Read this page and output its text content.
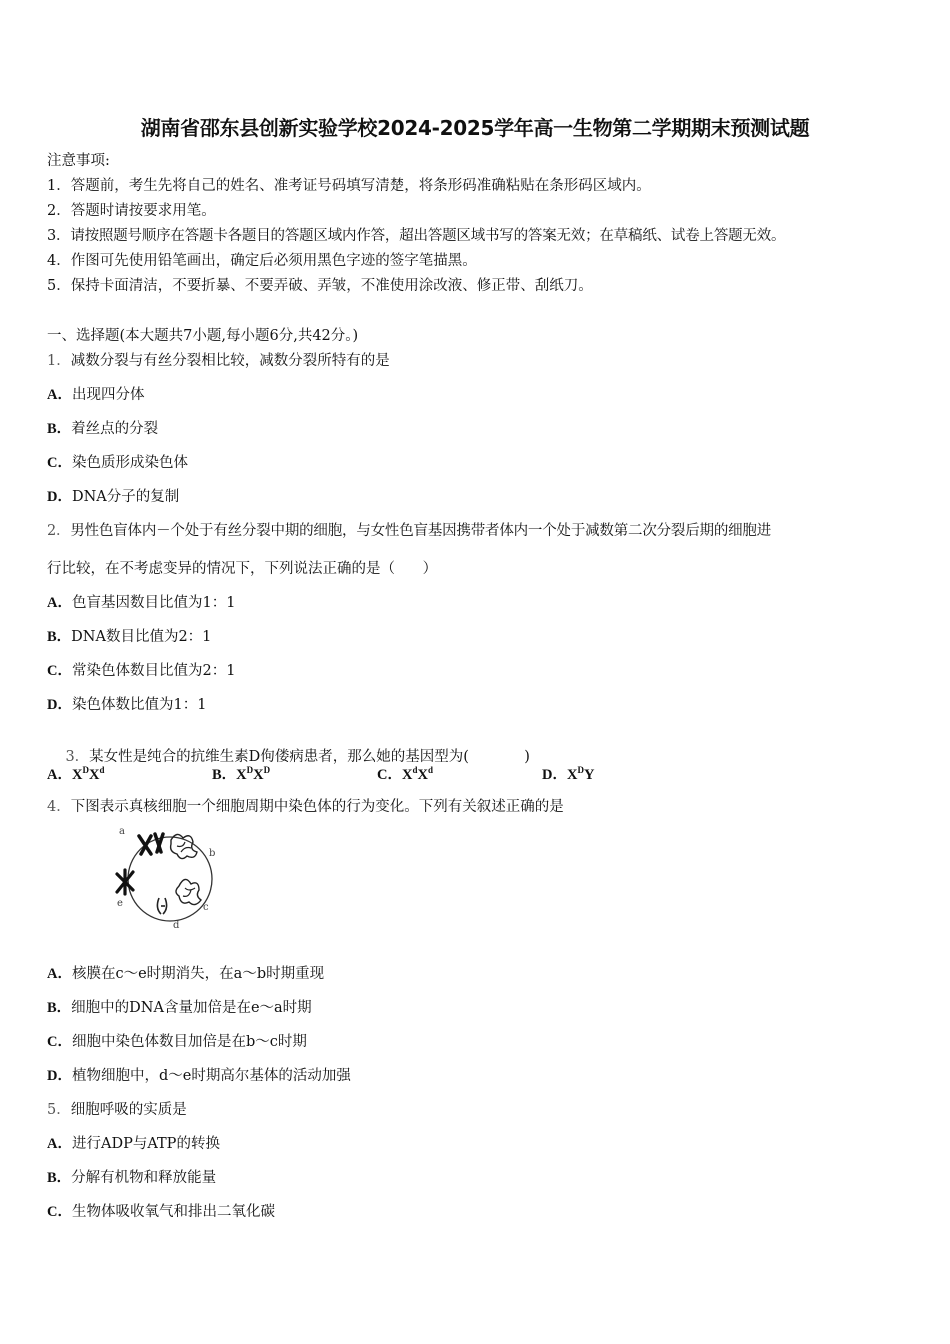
湖南省邵东县创新实验学校2024-2025学年高一生物第二学期期末预测试题
注意事项:
1．答题前，考生先将自己的姓名、准考证号码填写清楚，将条形码准确粘贴在条形码区域内。
2．答题时请按要求用笔。
3．请按照题号顺序在答题卡各题目的答题区域内作答，超出答题区域书写的答案无效；在草稿纸、试卷上答题无效。
4．作图可先使用铅笔画出，确定后必须用黑色字迹的签字笔描黑。
5．保持卡面清洁，不要折暴、不要弄破、弄皱，不准使用涂改液、修正带、刮纸刀。
一、选择题(本大题共7小题,每小题6分,共42分。)
1．减数分裂与有丝分裂相比较，减数分裂所特有的是
A．出现四分体
B．着丝点的分裂
C．染色质形成染色体
D．DNA分子的复制
2．男性色盲体内－个处于有丝分裂中期的细胞，与女性色盲基因携带者体内一个处于减数第二次分裂后期的细胞进
行比较，在不考虑变异的情况下，下列说法正确的是（      ）
A．色盲基因数目比值为1：1
B．DNA数目比值为2：1
C．常染色体数目比值为2：1
D．染色体数比值为1：1

3．某女性是纯合的抗维生素D佝偻病患者，那么她的基因型为(            )

A．$X^DX^d$	B．$X^DX^D$	C．$X^dX^d$	D．$X^DY$
4．下图表示真核细胞一个细胞周期中染色体的行为变化。下列有关叙述正确的是
a
b
c
d
e
A．核膜在c～e时期消失，在a～b时期重现
B．细胞中的DNA含量加倍是在e～a时期
C．细胞中染色体数目加倍是在b～c时期
D．植物细胞中，d～e时期高尔基体的活动加强
5．细胞呼吸的实质是
A．进行ADP与ATP的转换
B．分解有机物和释放能量
C．生物体吸收氧气和排出二氧化碳
